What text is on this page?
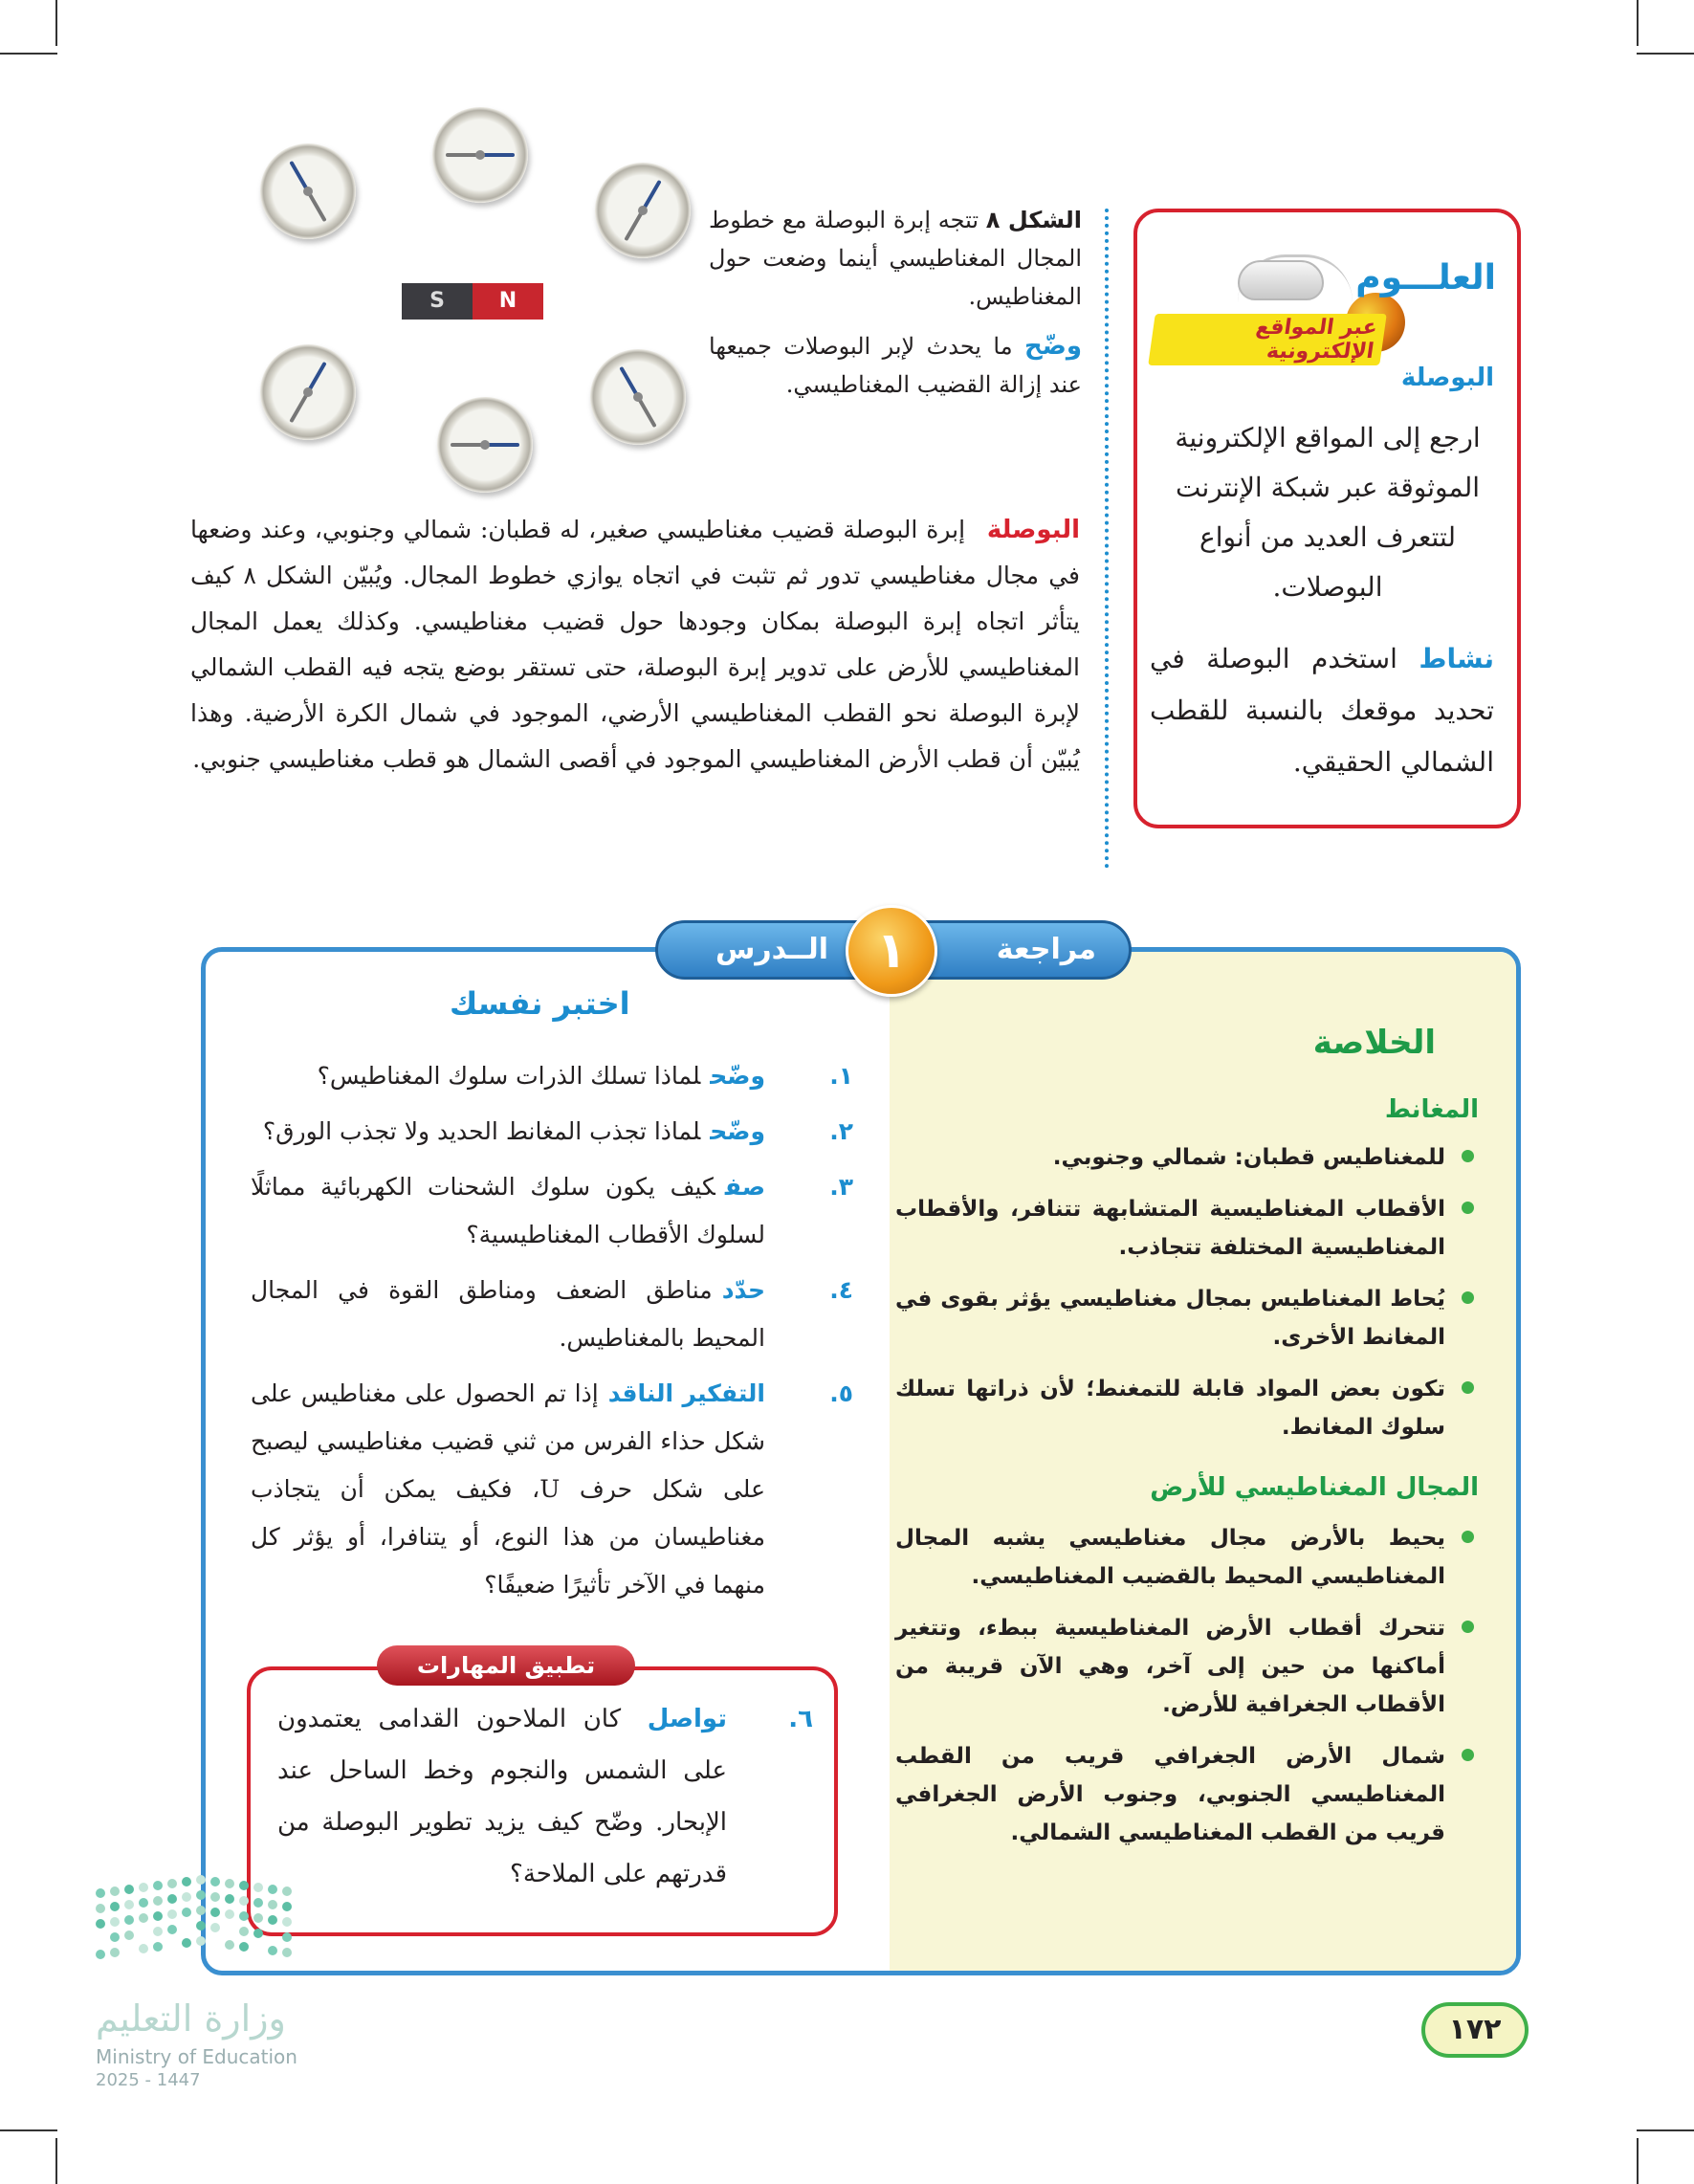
العلـــوم
عبر المواقع الإلكترونية
البوصلة
ارجع إلى المواقع الإلكترونية الموثوقة عبر شبكة الإنترنت لتتعرف العديد من أنواع البوصلات.
نشاط استخدم البوصلة في تحديد موقعك بالنسبة للقطب الشمالي الحقيقي.
S	N
الشكل ٨ تتجه إبرة البوصلة مع خطوط المجال المغناطيسي أينما وضعت حول المغناطيس.
وضّح ما يحدث لإبر البوصلات جميعها عند إزالة القضيب المغناطيسي.
البوصلة إبرة البوصلة قضيب مغناطيسي صغير، له قطبان: شمالي وجنوبي، وعند وضعها في مجال مغناطيسي تدور ثم تثبت في اتجاه يوازي خطوط المجال. ويُبيّن الشكل ٨ كيف يتأثر اتجاه إبرة البوصلة بمكان وجودها حول قضيب مغناطيسي. وكذلك يعمل المجال المغناطيسي للأرض على تدوير إبرة البوصلة، حتى تستقر بوضع يتجه فيه القطب الشمالي لإبرة البوصلة نحو القطب المغناطيسي الأرضي، الموجود في شمال الكرة الأرضية. وهذا يُبيّن أن قطب الأرض المغناطيسي الموجود في أقصى الشمال هو قطب مغناطيسي جنوبي.
الــدرس	مراجعة
١
الخلاصة
المغانط
للمغناطيس قطبان: شمالي وجنوبي.
الأقطاب المغناطيسية المتشابهة تتنافر، والأقطاب المغناطيسية المختلفة تتجاذب.
يُحاط المغناطيس بمجال مغناطيسي يؤثر بقوى في المغانط الأخرى.
تكون بعض المواد قابلة للتمغنط؛ لأن ذراتها تسلك سلوك المغانط.
المجال المغناطيسي للأرض
يحيط بالأرض مجال مغناطيسي يشبه المجال المغناطيسي المحيط بالقضيب المغناطيسي.
تتحرك أقطاب الأرض المغناطيسية ببطء، وتتغير أماكنها من حين إلى آخر، وهي الآن قريبة من الأقطاب الجغرافية للأرض.
شمال الأرض الجغرافي قريب من القطب المغناطيسي الجنوبي، وجنوب الأرض الجغرافي قريب من القطب المغناطيسي الشمالي.
اختبر نفسك
١.
وضّحلماذا تسلك الذرات سلوك المغناطيس؟
٢.
وضّحلماذا تجذب المغانط الحديد ولا تجذب الورق؟
٣.
صفكيف يكون سلوك الشحنات الكهربائية مماثلًا لسلوك الأقطاب المغناطيسية؟
٤.
حدّدمناطق الضعف ومناطق القوة في المجال المحيط بالمغناطيس.
٥.
التفكير الناقدإذا تم الحصول على مغناطيس على شكل حذاء الفرس من ثني قضيب مغناطيسي ليصبح على شكل حرف U، فكيف يمكن أن يتجاذب مغناطيسان من هذا النوع، أو يتنافرا، أو يؤثر كل منهما في الآخر تأثيرًا ضعيفًا؟
تطبيق المهارات
٦.
تواصل كان الملاحون القدامى يعتمدون على الشمس والنجوم وخط الساحل عند الإبحار. وضّح كيف يزيد تطوير البوصلة من قدرتهم على الملاحة؟
١٧٢
وزارة التعليم
Ministry of Education
2025 - 1447
